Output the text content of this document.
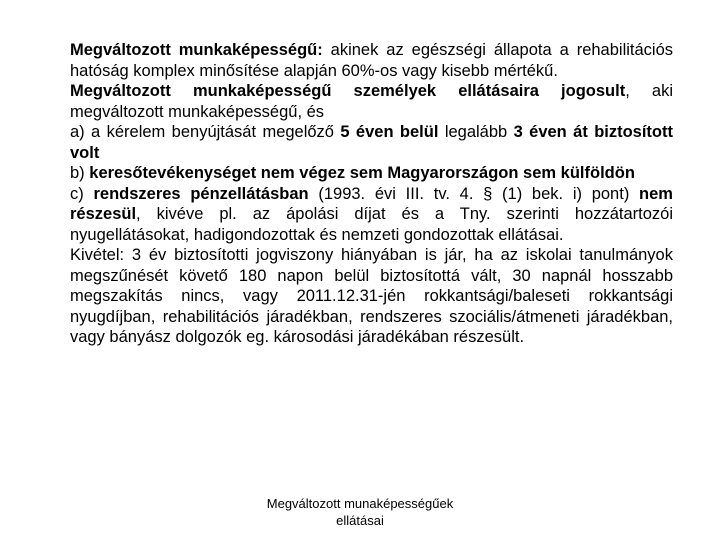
Megváltozott munkaképességű: akinek az egészségi állapota a rehabilitációs hatóság komplex minősítése alapján 60%-os vagy kisebb mértékű.

Megváltozott munkaképességű személyek ellátásaira jogosult, aki megváltozott munkaképességű, és

a) a kérelem benyújtását megelőző 5 éven belül legalább 3 éven át biztosított volt

b) keresőtevékenységet nem végez sem Magyarországon sem külföldön

c) rendszeres pénzellátásban (1993. évi III. tv. 4. § (1) bek. i) pont) nem részesül, kivéve pl. az ápolási díjat és a Tny. szerinti hozzátartozói nyugellátásokat, hadigondozottak és nemzeti gondozottak ellátásai.

Kivétel: 3 év biztosítotti jogviszony hiányában is jár, ha az iskolai tanulmányok megszűnését követő 180 napon belül biztosítottá vált, 30 napnál hosszabb megszakítás nincs, vagy 2011.12.31-jén rokkantsági/baleseti rokkantsági nyugdíjban, rehabilitációs járadékban, rendszeres szociális/átmeneti járadékban, vagy bányász dolgozók eg. károsodási járadékában részesült.

Megváltozott munaképességűek
ellátásai
